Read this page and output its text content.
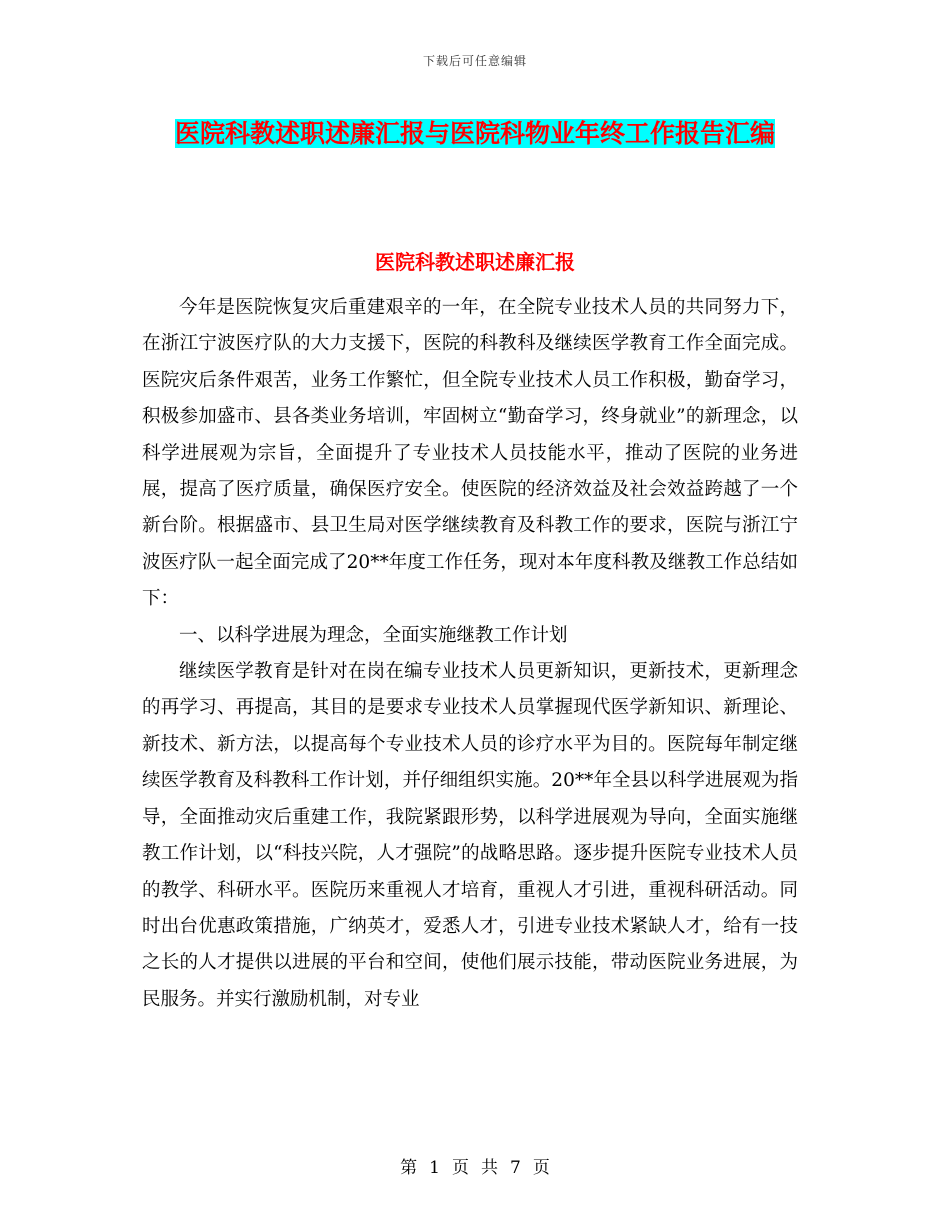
下载后可任意编辑
医院科教述职述廉汇报与医院科物业年终工作报告汇编
医院科教述职述廉汇报

今年是医院恢复灾后重建艰辛的一年，在全院专业技术人员的共同努力下，在浙江宁波医疗队的大力支援下，医院的科教科及继续医学教育工作全面完成。医院灾后条件艰苦，业务工作繁忙，但全院专业技术人员工作积极，勤奋学习，积极参加盛市、县各类业务培训，牢固树立“勤奋学习，终身就业”的新理念，以科学进展观为宗旨，全面提升了专业技术人员技能水平，推动了医院的业务进展，提高了医疗质量，确保医疗安全。使医院的经济效益及社会效益跨越了一个新台阶。根据盛市、县卫生局对医学继续教育及科教工作的要求，医院与浙江宁波医疗队一起全面完成了20**年度工作任务，现对本年度科教及继教工作总结如下：

一、以科学进展为理念，全面实施继教工作计划

继续医学教育是针对在岗在编专业技术人员更新知识，更新技术，更新理念的再学习、再提高，其目的是要求专业技术人员掌握现代医学新知识、新理论、新技术、新方法，以提高每个专业技术人员的诊疗水平为目的。医院每年制定继续医学教育及科教科工作计划，并仔细组织实施。20**年全县以科学进展观为指导，全面推动灾后重建工作，我院紧跟形势，以科学进展观为导向，全面实施继教工作计划，以“科技兴院，人才强院”的战略思路。逐步提升医院专业技术人员的教学、科研水平。医院历来重视人才培育，重视人才引进，重视科研活动。同时出台优惠政策措施，广纳英才，爱悉人才，引进专业技术紧缺人才，给有一技之长的人才提供以进展的平台和空间，使他们展示技能，带动医院业务进展，为民服务。并实行激励机制，对专业

第 1 页 共 7 页
